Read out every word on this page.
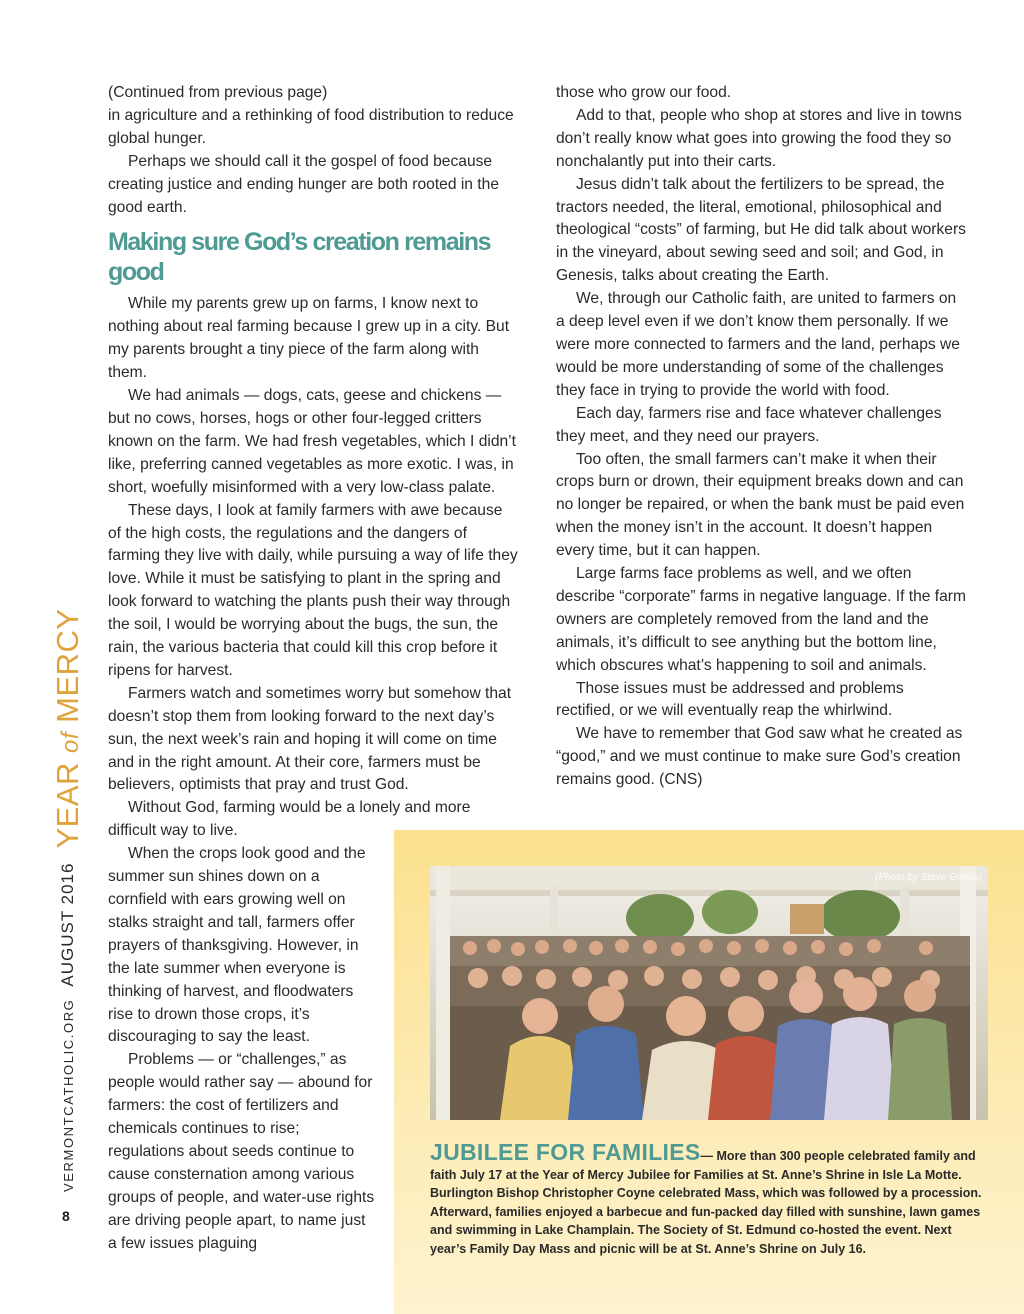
VERMONTCATHOLIC.ORG
AUGUST 2016
YEAR of MERCY
8

(Continued from previous page)

in agriculture and a rethinking of food distribution to reduce global hunger.

Perhaps we should call it the gospel of food because creating justice and ending hunger are both rooted in the good earth.

Making sure God’s creation remains good

While my parents grew up on farms, I know next to nothing about real farming because I grew up in a city. But my parents brought a tiny piece of the farm along with them.

We had animals — dogs, cats, geese and chickens — but no cows, horses, hogs or other four-legged critters known on the farm. We had fresh vegetables, which I didn’t like, preferring canned vegetables as more exotic. I was, in short, woefully misinformed with a very low-class palate.

These days, I look at family farmers with awe because of the high costs, the regulations and the dangers of farming they live with daily, while pursuing a way of life they love. While it must be satisfying to plant in the spring and look forward to watching the plants push their way through the soil, I would be worrying about the bugs, the sun, the rain, the various bacteria that could kill this crop before it ripens for harvest.

Farmers watch and sometimes worry but somehow that doesn’t stop them from looking forward to the next day’s sun, the next week’s rain and hoping it will come on time and in the right amount. At their core, farmers must be believers, optimists that pray and trust God.

Without God, farming would be a lonely and more difficult way to live.

When the crops look good and the summer sun shines down on a cornfield with ears growing well on stalks straight and tall, farmers offer prayers of thanksgiving. However, in the late summer when everyone is thinking of harvest, and floodwaters rise to drown those crops, it’s discouraging to say the least.

Problems — or “challenges,” as people would rather say — abound for farmers: the cost of fertilizers and chemicals continues to rise; regulations about seeds continue to cause consternation among various groups of people, and water-use rights are driving people apart, to name just a few issues plaguing

those who grow our food.

Add to that, people who shop at stores and live in towns don’t really know what goes into growing the food they so nonchalantly put into their carts.

Jesus didn’t talk about the fertilizers to be spread, the tractors needed, the literal, emotional, philosophical and theological “costs” of farming, but He did talk about workers in the vineyard, about sewing seed and soil; and God, in Genesis, talks about creating the Earth.

We, through our Catholic faith, are united to farmers on a deep level even if we don’t know them personally. If we were more connected to farmers and the land, perhaps we would be more understanding of some of the challenges they face in trying to provide the world with food.

Each day, farmers rise and face whatever challenges they meet, and they need our prayers.

Too often, the small farmers can’t make it when their crops burn or drown, their equipment breaks down and can no longer be repaired, or when the bank must be paid even when the money isn’t in the account. It doesn’t happen every time, but it can happen.

Large farms face problems as well, and we often describe “corporate” farms in negative language. If the farm owners are completely removed from the land and the animals, it’s difficult to see anything but the bottom line, which obscures what’s happening to soil and animals.

Those issues must be addressed and problems rectified, or we will eventually reap the whirlwind.

We have to remember that God saw what he created as “good,” and we must continue to make sure God’s creation remains good. (CNS)

(Photo by Steve Giroux)
JUBILEE FOR FAMILIES— More than 300 people celebrated family and faith July 17 at the Year of Mercy Jubilee for Families at St. Anne’s Shrine in Isle La Motte. Burlington Bishop Christopher Coyne celebrated Mass, which was followed by a procession. Afterward, families enjoyed a barbecue and fun-packed day filled with sunshine, lawn games and swimming in Lake Champlain. The Society of St. Edmund co-hosted the event. Next year’s Family Day Mass and picnic will be at St. Anne’s Shrine on July 16.
